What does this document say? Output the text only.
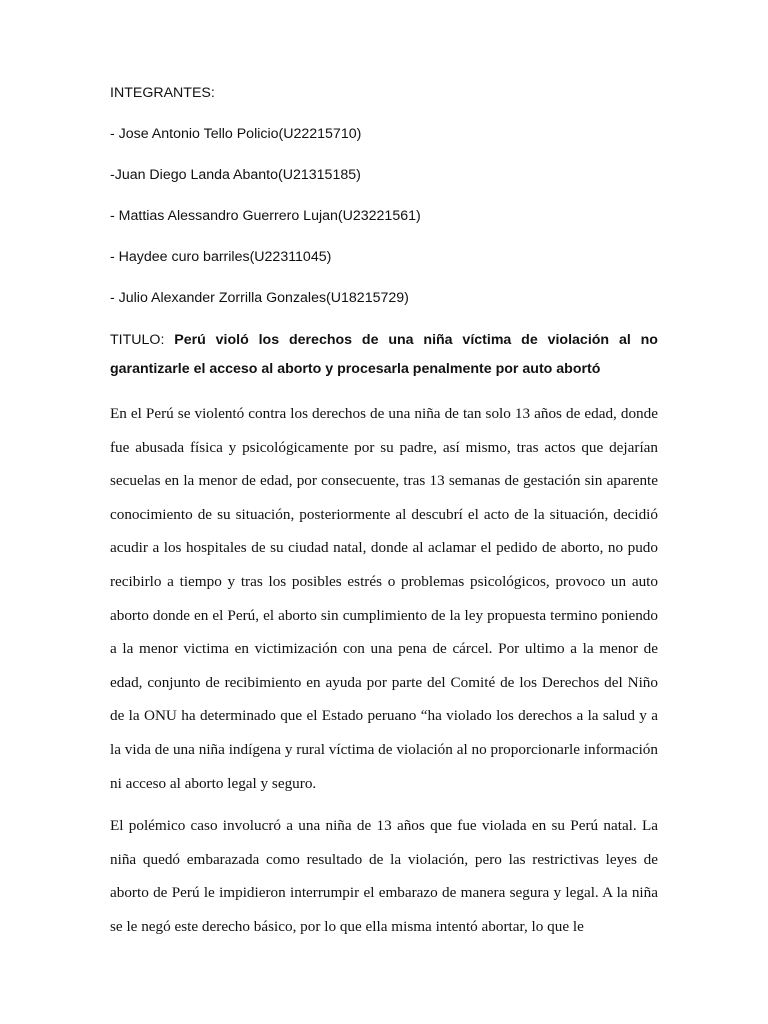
INTEGRANTES:

- Jose Antonio Tello Policio(U22215710)

-Juan Diego Landa Abanto(U21315185)

- Mattias Alessandro Guerrero Lujan(U23221561)

- Haydee curo barriles(U22311045)

- Julio Alexander Zorrilla Gonzales(U18215729)

TITULO: Perú violó los derechos de una niña víctima de violación al no garantizarle el acceso al aborto y procesarla penalmente por auto abortó

En el Perú se violentó contra los derechos de una niña de tan solo 13 años de edad, donde fue abusada física y psicológicamente por su padre, así mismo, tras actos que dejarían secuelas en la menor de edad, por consecuente, tras 13 semanas de gestación sin aparente conocimiento de su situación, posteriormente al descubrí el acto de la situación, decidió acudir a los hospitales de su ciudad natal, donde al aclamar el pedido de aborto, no pudo recibirlo a tiempo y tras los posibles estrés o problemas psicológicos, provoco un auto aborto donde en el Perú, el aborto sin cumplimiento de la ley propuesta termino poniendo a la menor victima en victimización con una pena de cárcel. Por ultimo a la menor de edad, conjunto de recibimiento en ayuda por parte del Comité de los Derechos del Niño de la ONU ha determinado que el Estado peruano “ha violado los derechos a la salud y a la vida de una niña indígena y rural víctima de violación al no proporcionarle información ni acceso al aborto legal y seguro.

El polémico caso involucró a una niña de 13 años que fue violada en su Perú natal. La niña quedó embarazada como resultado de la violación, pero las restrictivas leyes de aborto de Perú le impidieron interrumpir el embarazo de manera segura y legal. A la niña se le negó este derecho básico, por lo que ella misma intentó abortar, lo que le
